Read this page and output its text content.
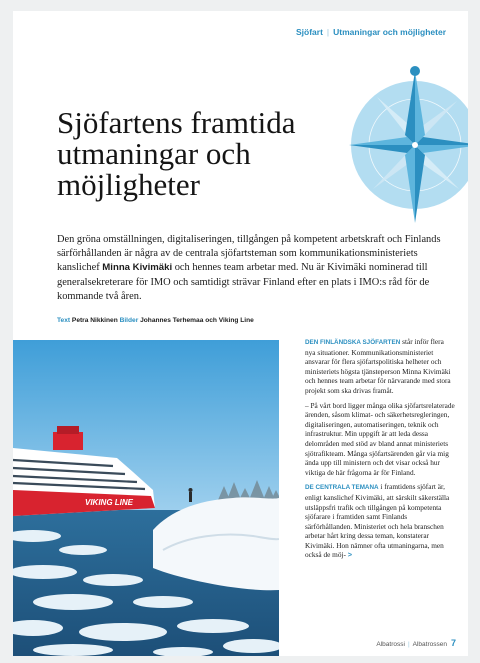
Sjöfart | Utmaningar och möjligheter
Sjöfartens framtida
utmaningar och
möjligheter

Den gröna omställningen, digitaliseringen, tillgången på kompetent arbetskraft och Finlands särförhållanden är några av de centrala sjöfartsteman som kommunikationsministeriets kanslichef Minna Kivimäki och hennes team arbetar med. Nu är Kivimäki nominerad till generalsekreterare för IMO och samtidigt strävar Finland efter en plats i IMO:s råd för de kommande två åren.

Text Petra Nikkinen Bilder Johannes Terhemaa och Viking Line
VIKING LINE

DEN FINLÄNDSKA SJÖFARTEN står inför flera nya situationer. Kommunikationsministeriet ansvarar för flera sjöfartspolitiska helheter och ministeriets högsta tjänsteperson Minna Kivimäki och hennes team arbetar för närvarande med stora projekt som ska drivas framåt.

– På vårt bord ligger många olika sjöfartsrelaterade ärenden, såsom klimat- och säkerhetsregleringen, digitaliseringen, automatiseringen, teknik och infrastruktur. Min uppgift är att leda dessa delområden med stöd av bland annat ministeriets sjötrafikteam. Många sjöfartsärenden går via mig ända upp till ministern och det visar också hur viktiga de här frågorna är för Finland.

DE CENTRALA TEMANA i framtidens sjöfart är, enligt kanslichef Kivimäki, att särskilt säkerställa utsläppsfri trafik och tillgången på kompetenta sjöfarare i framtiden samt Finlands särförhållanden. Ministeriet och hela branschen arbetar hårt kring dessa teman, konstaterar Kivimäki. Hon nämner ofta utmaningarna, men också de möj- >

Albatrossi | Albatrossen 7
